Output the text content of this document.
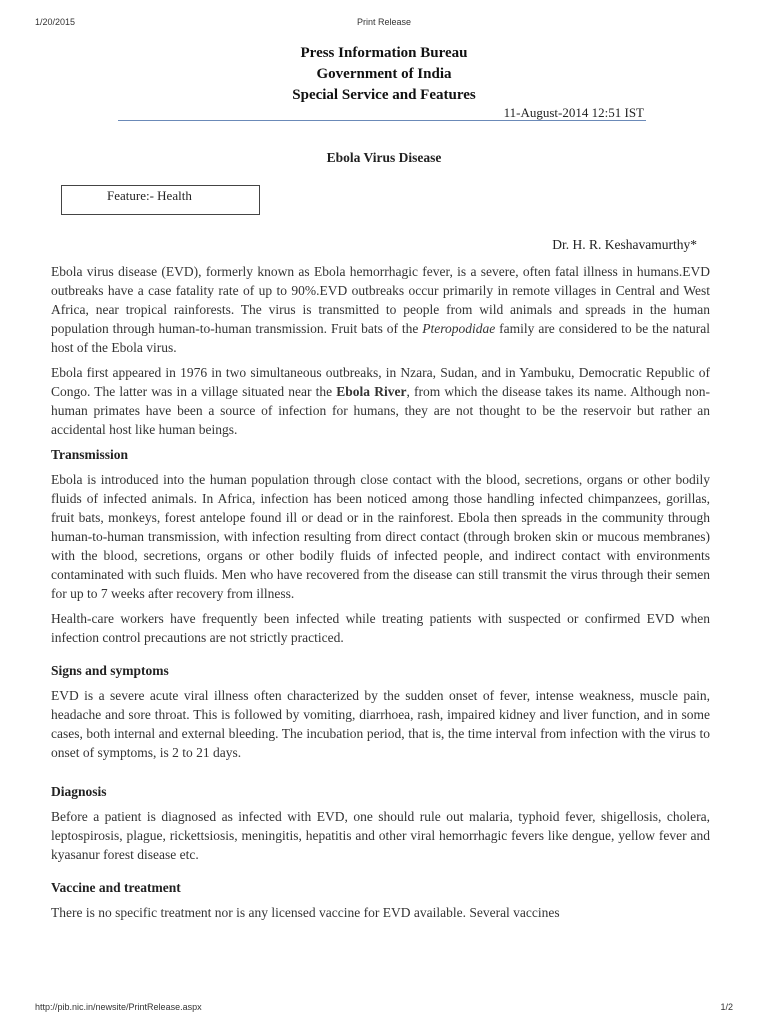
1/20/2015	Print Release
Press Information Bureau
Government of India
Special Service and Features
11-August-2014 12:51 IST
Ebola Virus Disease
Feature:- Health
Dr. H. R. Keshavamurthy*

Ebola virus disease (EVD), formerly known as Ebola hemorrhagic fever, is a severe, often fatal illness in humans.EVD outbreaks have a case fatality rate of up to 90%.EVD outbreaks occur primarily in remote villages in Central and West Africa, near tropical rainforests. The virus is transmitted to people from wild animals and spreads in the human population through human-to-human transmission. Fruit bats of the Pteropodidae family are considered to be the natural host of the Ebola virus.

Ebola first appeared in 1976 in two simultaneous outbreaks, in Nzara, Sudan, and in Yambuku, Democratic Republic of Congo. The latter was in a village situated near the Ebola River, from which the disease takes its name. Although non-human primates have been a source of infection for humans, they are not thought to be the reservoir but rather an accidental host like human beings.

Transmission

Ebola is introduced into the human population through close contact with the blood, secretions, organs or other bodily fluids of infected animals. In Africa, infection has been noticed among those handling infected chimpanzees, gorillas, fruit bats, monkeys, forest antelope found ill or dead or in the rainforest. Ebola then spreads in the community through human-to-human transmission, with infection resulting from direct contact (through broken skin or mucous membranes) with the blood, secretions, organs or other bodily fluids of infected people, and indirect contact with environments contaminated with such fluids. Men who have recovered from the disease can still transmit the virus through their semen for up to 7 weeks after recovery from illness.

Health-care workers have frequently been infected while treating patients with suspected or confirmed EVD when infection control precautions are not strictly practiced.

Signs and symptoms

EVD is a severe acute viral illness often characterized by the sudden onset of fever, intense weakness, muscle pain, headache and sore throat. This is followed by vomiting, diarrhoea, rash, impaired kidney and liver function, and in some cases, both internal and external bleeding. The incubation period, that is, the time interval from infection with the virus to onset of symptoms, is 2 to 21 days.

Diagnosis

Before a patient is diagnosed as infected with EVD, one should rule out malaria, typhoid fever, shigellosis, cholera, leptospirosis, plague, rickettsiosis, meningitis, hepatitis and other viral hemorrhagic fevers like dengue, yellow fever and kyasanur forest disease etc.

Vaccine and treatment

There is no specific treatment nor is any licensed vaccine for EVD available. Several vaccines

http://pib.nic.in/newsite/PrintRelease.aspx	1/2
